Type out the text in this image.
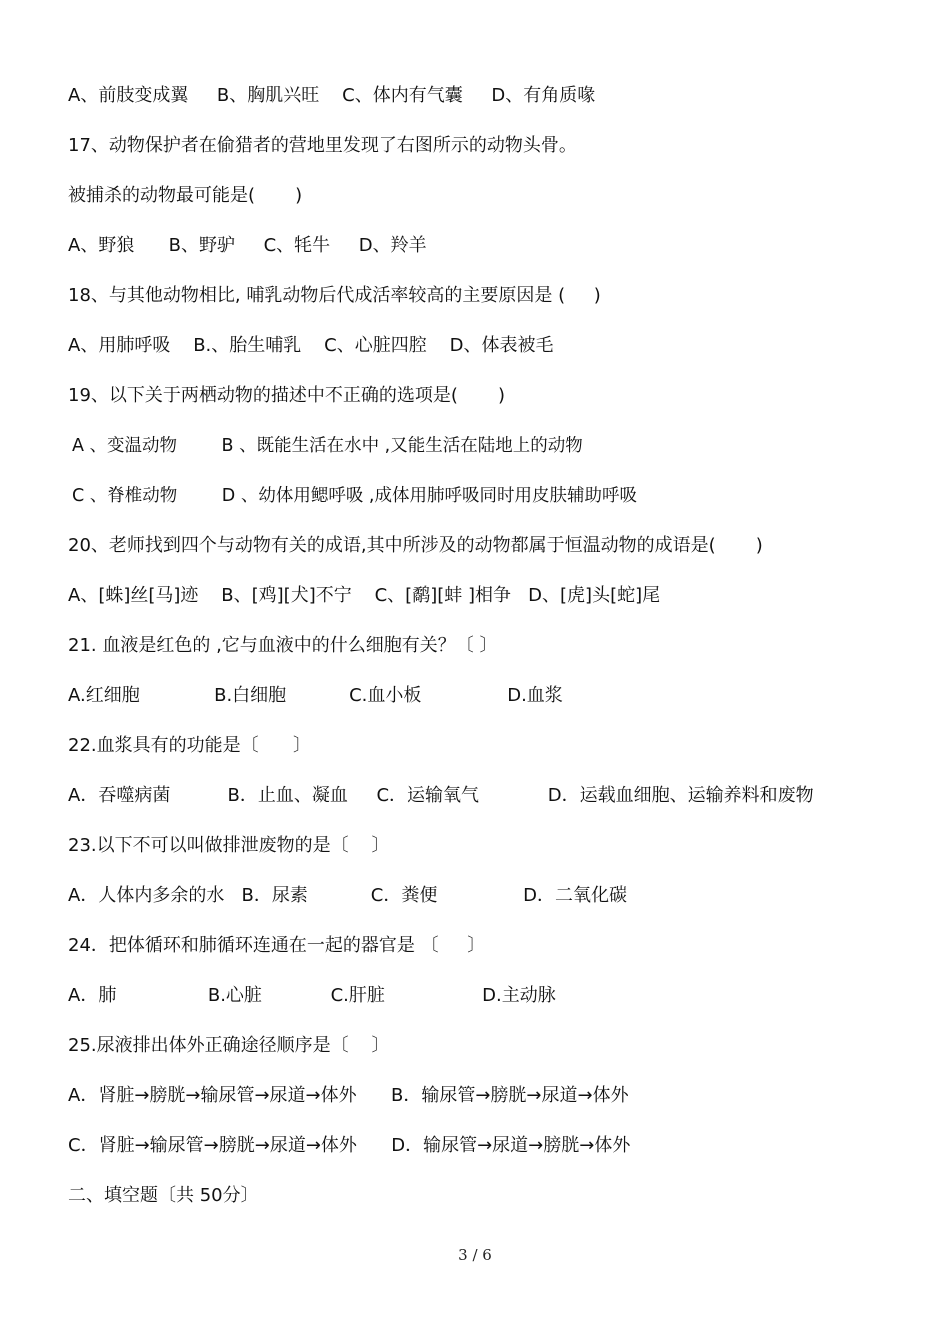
A、前肢变成翼     B、胸肌兴旺    C、体内有气囊     D、有角质喙
17、动物保护者在偷猎者的营地里发现了右图所示的动物头骨。
被捕杀的动物最可能是(       )
A、野狼      B、野驴     C、牦牛     D、羚羊
18、与其他动物相比, 哺乳动物后代成活率较高的主要原因是 (     )
A、用肺呼吸    B.、胎生哺乳    C、心脏四腔    D、体表被毛
19、以下关于两栖动物的描述中不正确的选项是(       )
A 、变温动物        B 、既能生活在水中 ,又能生活在陆地上的动物
C 、脊椎动物        D 、幼体用鳃呼吸 ,成体用肺呼吸同时用皮肤辅助呼吸
20、老师找到四个与动物有关的成语,其中所涉及的动物都属于恒温动物的成语是(       )
A、[蛛]丝[马]迹    B、[鸡][犬]不宁    C、[鹬][蚌 ]相争   D、[虎]头[蛇]尾
21. 血液是红色的 ,它与血液中的什么细胞有关？〔 〕
A.红细胞             B.白细胞           C.血小板               D.血浆
22.血浆具有的功能是〔      〕
A．吞噬病菌          B．止血、凝血     C．运输氧气            D．运载血细胞、运输养料和废物
23.以下不可以叫做排泄废物的是〔    〕
A．人体内多余的水   B．尿素           C．粪便               D．二氧化碳
24．把体循环和肺循环连通在一起的器官是 〔     〕
A．肺                B.心脏            C.肝脏                 D.主动脉
25.尿液排出体外正确途径顺序是〔    〕
A．肾脏→膀胱→输尿管→尿道→体外      B．输尿管→膀胱→尿道→体外
C．肾脏→输尿管→膀胱→尿道→体外      D．输尿管→尿道→膀胱→体外
二、填空题〔共 50分〕
3 / 6
